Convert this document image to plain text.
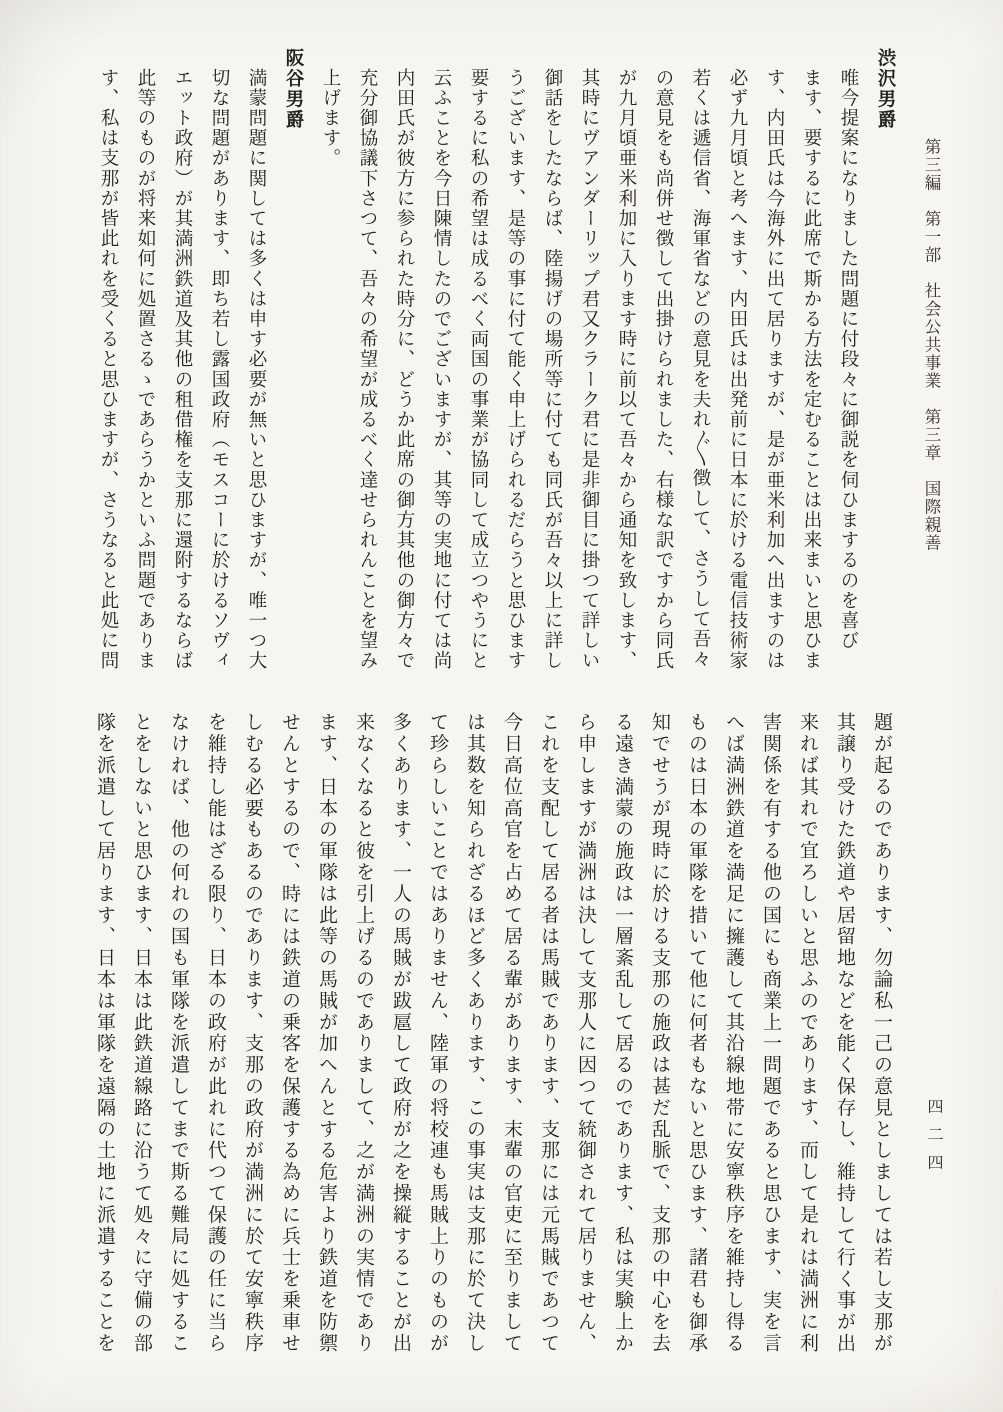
第三編　第一部　社会公共事業　第三章　国際親善
渋沢男爵
唯今提案になりました問題に付段々に御説を伺ひまするのを喜び
ます、要するに此席で斯かる方法を定むることは出来まいと思ひま
す、内田氏は今海外に出て居りますが、是が亜米利加へ出ますのは
必ず九月頃と考へます、内田氏は出発前に日本に於ける電信技術家
若くは遞信省、海軍省などの意見を夫れ〴〵徴して、さうして吾々
の意見をも尚併せ徴して出掛けられました、右様な訳ですから同氏
が九月頃亜米利加に入ります時に前以て吾々から通知を致します、
其時にヴアンダーリップ君又クラーク君に是非御目に掛つて詳しい
御話をしたならば、陸揚げの場所等に付ても同氏が吾々以上に詳し
うございます、是等の事に付て能く申上げられるだらうと思ひます
要するに私の希望は成るべく両国の事業が協同して成立つやうにと
云ふことを今日陳情したのでございますが、其等の実地に付ては尚
内田氏が彼方に参られた時分に、どうか此席の御方其他の御方々で
充分御協議下さつて、吾々の希望が成るべく達せられんことを望み
上げます。
阪谷男爵
満蒙問題に関しては多くは申す必要が無いと思ひますが、唯一つ大
切な問題があります、即ち若し露国政府（モスコーに於けるソヴィ
エット政府）が其満洲鉄道及其他の租借権を支那に還附するならば
此等のものが将来如何に処置さるゝであらうかといふ問題でありま
す、私は支那が皆此れを受くると思ひますが、さうなると此処に問
題が起るのであります、勿論私一己の意見としましては若し支那が
其譲り受けた鉄道や居留地などを能く保存し、維持して行く事が出
来れば其れで宜ろしいと思ふのであります、而して是れは満洲に利
害関係を有する他の国にも商業上一問題であると思ひます、実を言
へば満洲鉄道を満足に擁護して其沿線地帯に安寧秩序を維持し得る
ものは日本の軍隊を措いて他に何者もないと思ひます、諸君も御承
知でせうが現時に於ける支那の施政は甚だ乱脈で、支那の中心を去
る遠き満蒙の施政は一層紊乱して居るのであります、私は実験上か
ら申しますが満洲は決して支那人に因つて統御されて居りません、
これを支配して居る者は馬賊であります、支那には元馬賊であつて
今日高位高官を占めて居る輩があります、末輩の官吏に至りまして
は其数を知られざるほど多くあります、この事実は支那に於て決し
て珍らしいことではありません、陸軍の将校連も馬賊上りのものが
多くあります、一人の馬賊が跋扈して政府が之を操縦することが出
来なくなると彼を引上げるのでありまして、之が満洲の実情であり
ます、日本の軍隊は此等の馬賊が加へんとする危害より鉄道を防禦
せんとするので、時には鉄道の乗客を保護する為めに兵士を乗車せ
しむる必要もあるのであります、支那の政府が満洲に於て安寧秩序
を維持し能はざる限り、日本の政府が此れに代つて保護の任に当ら
なければ、他の何れの国も軍隊を派遣してまで斯る難局に処するこ
とをしないと思ひます、日本は此鉄道線路に沿うて処々に守備の部
隊を派遣して居ります、日本は軍隊を遠隔の土地に派遣することを	四二四
